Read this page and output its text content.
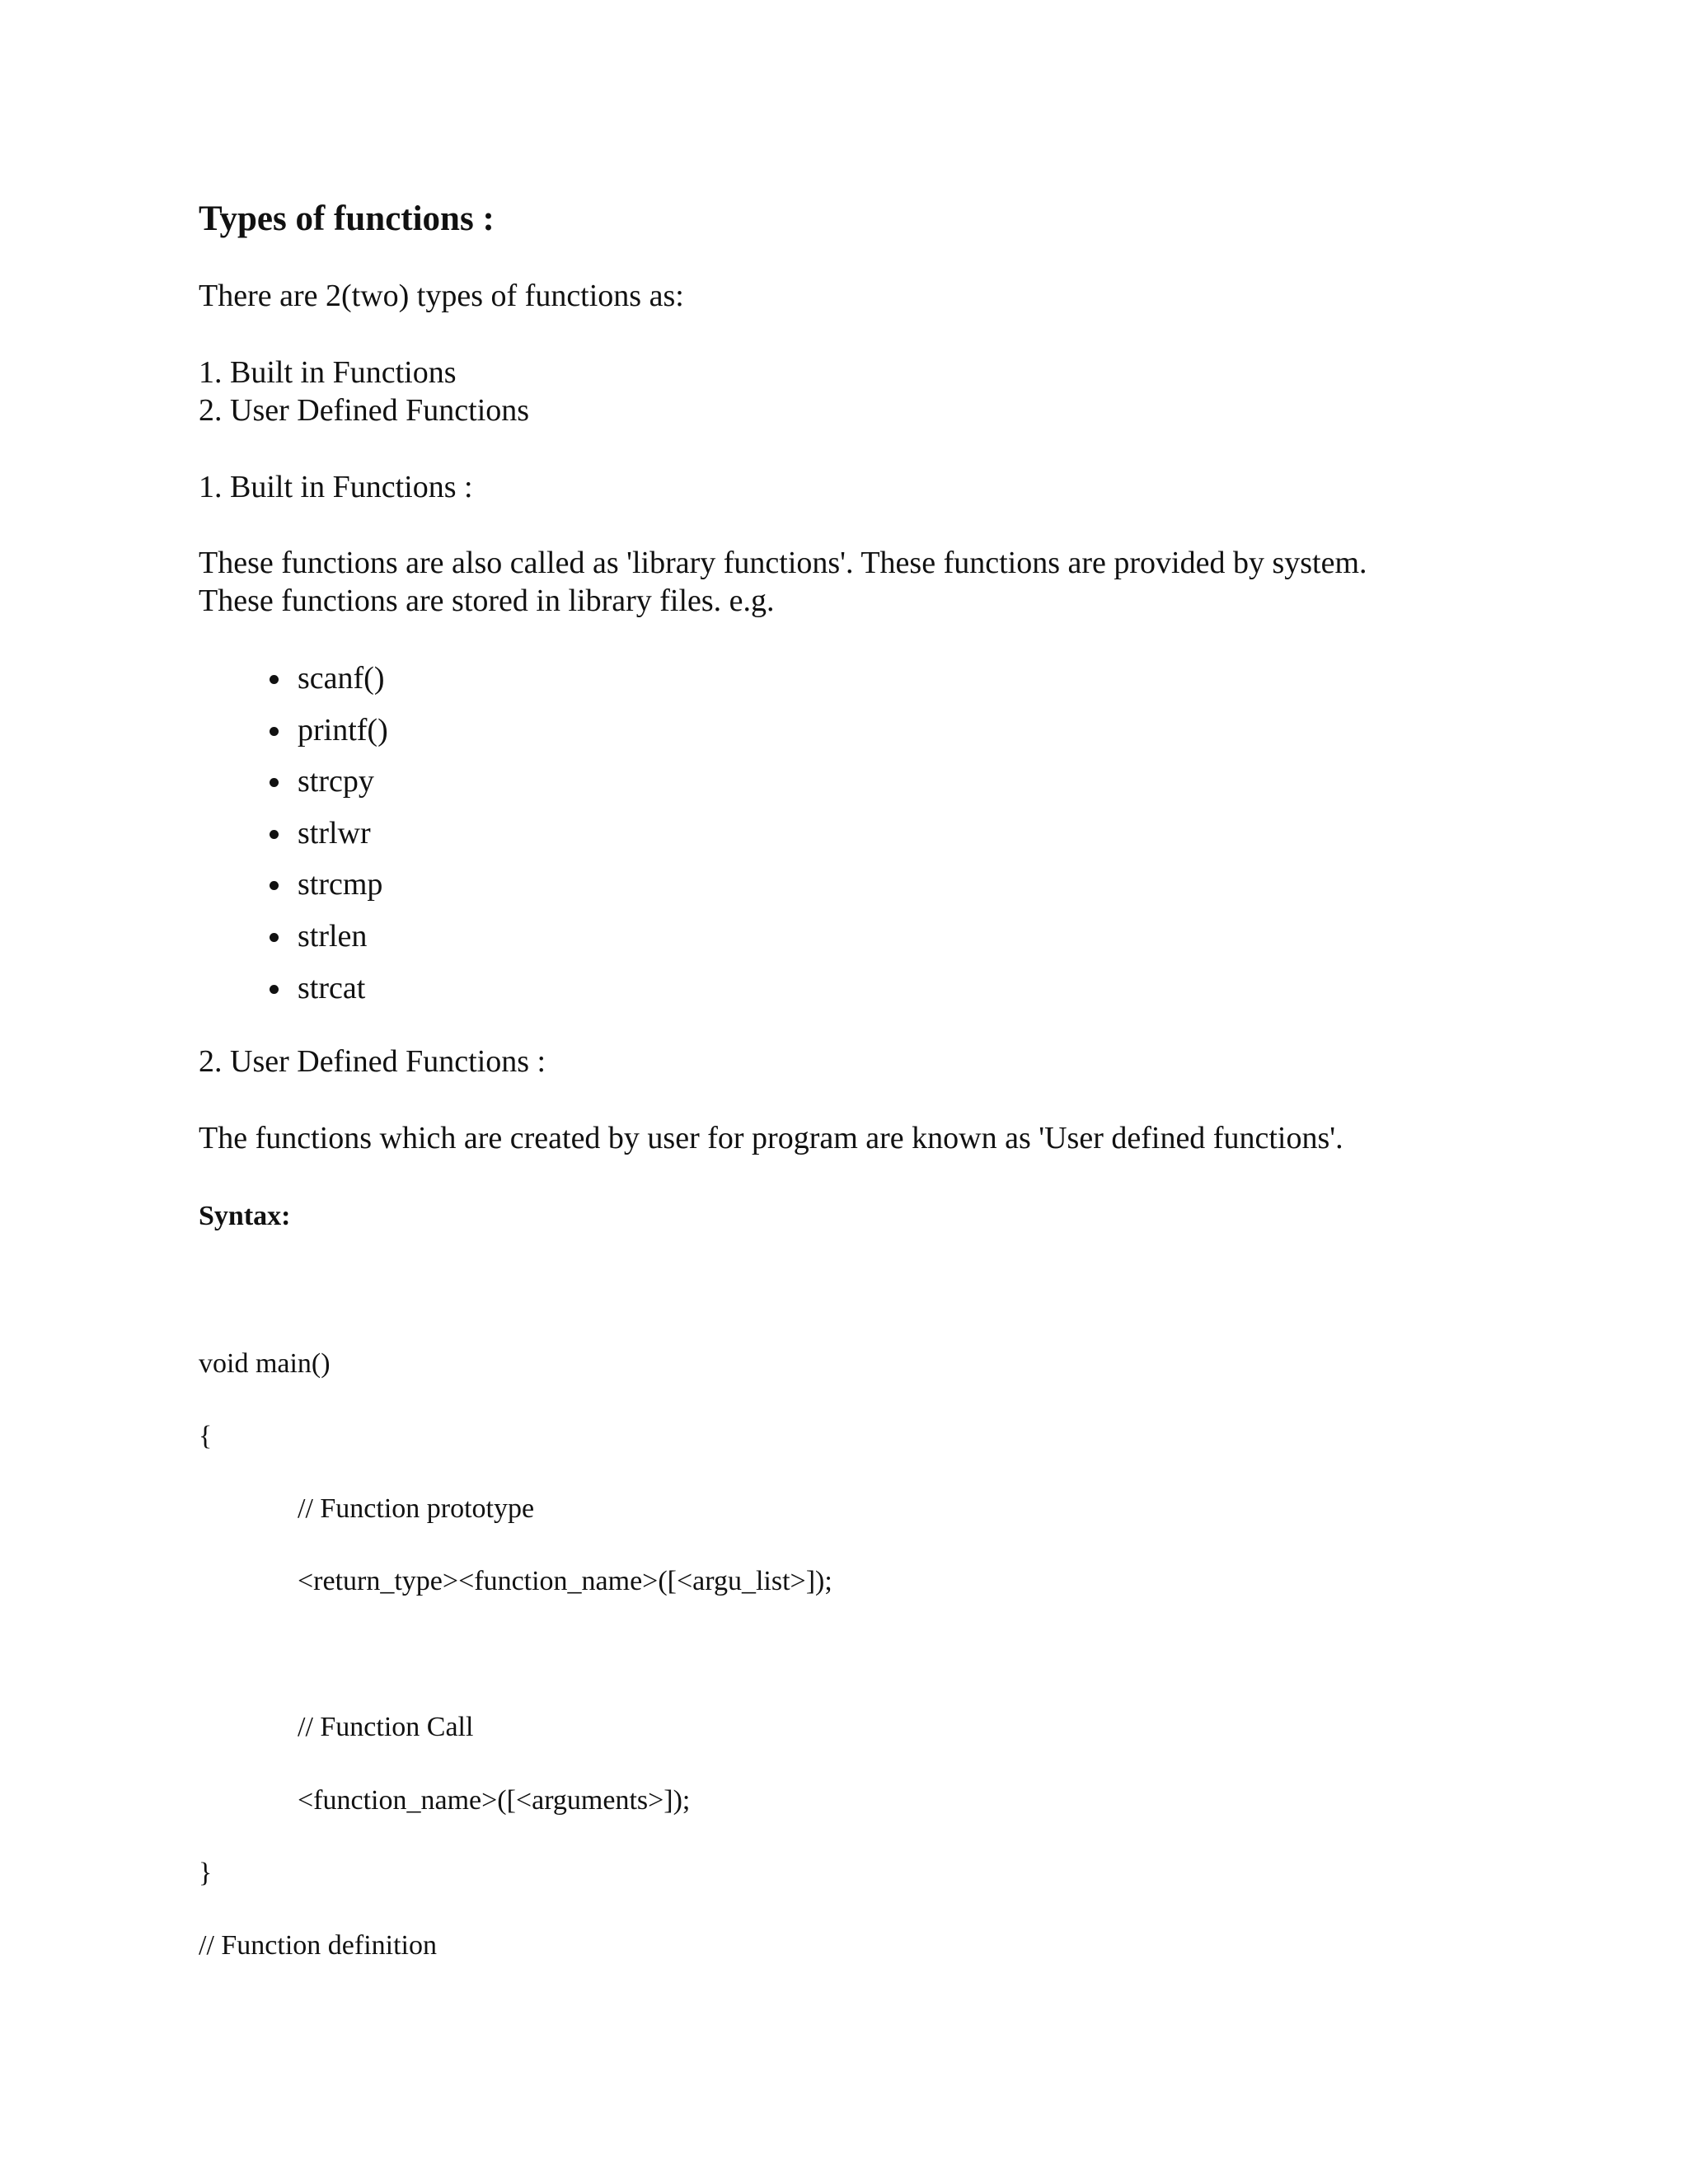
Types of functions :
There are 2(two) types of functions as:
1. Built in Functions
2. User Defined Functions
1. Built in Functions :
These functions are also called as 'library functions'. These functions are provided by system.
These functions are stored in library files. e.g.
scanf()
printf()
strcpy
strlwr
strcmp
strlen
strcat
2. User Defined Functions :
The functions which are created by user for program are known as 'User defined functions'.
Syntax:
void main()
{
// Function prototype
<return_type><function_name>([<argu_list>]);
// Function Call
<function_name>([<arguments>]);
}
// Function definition
